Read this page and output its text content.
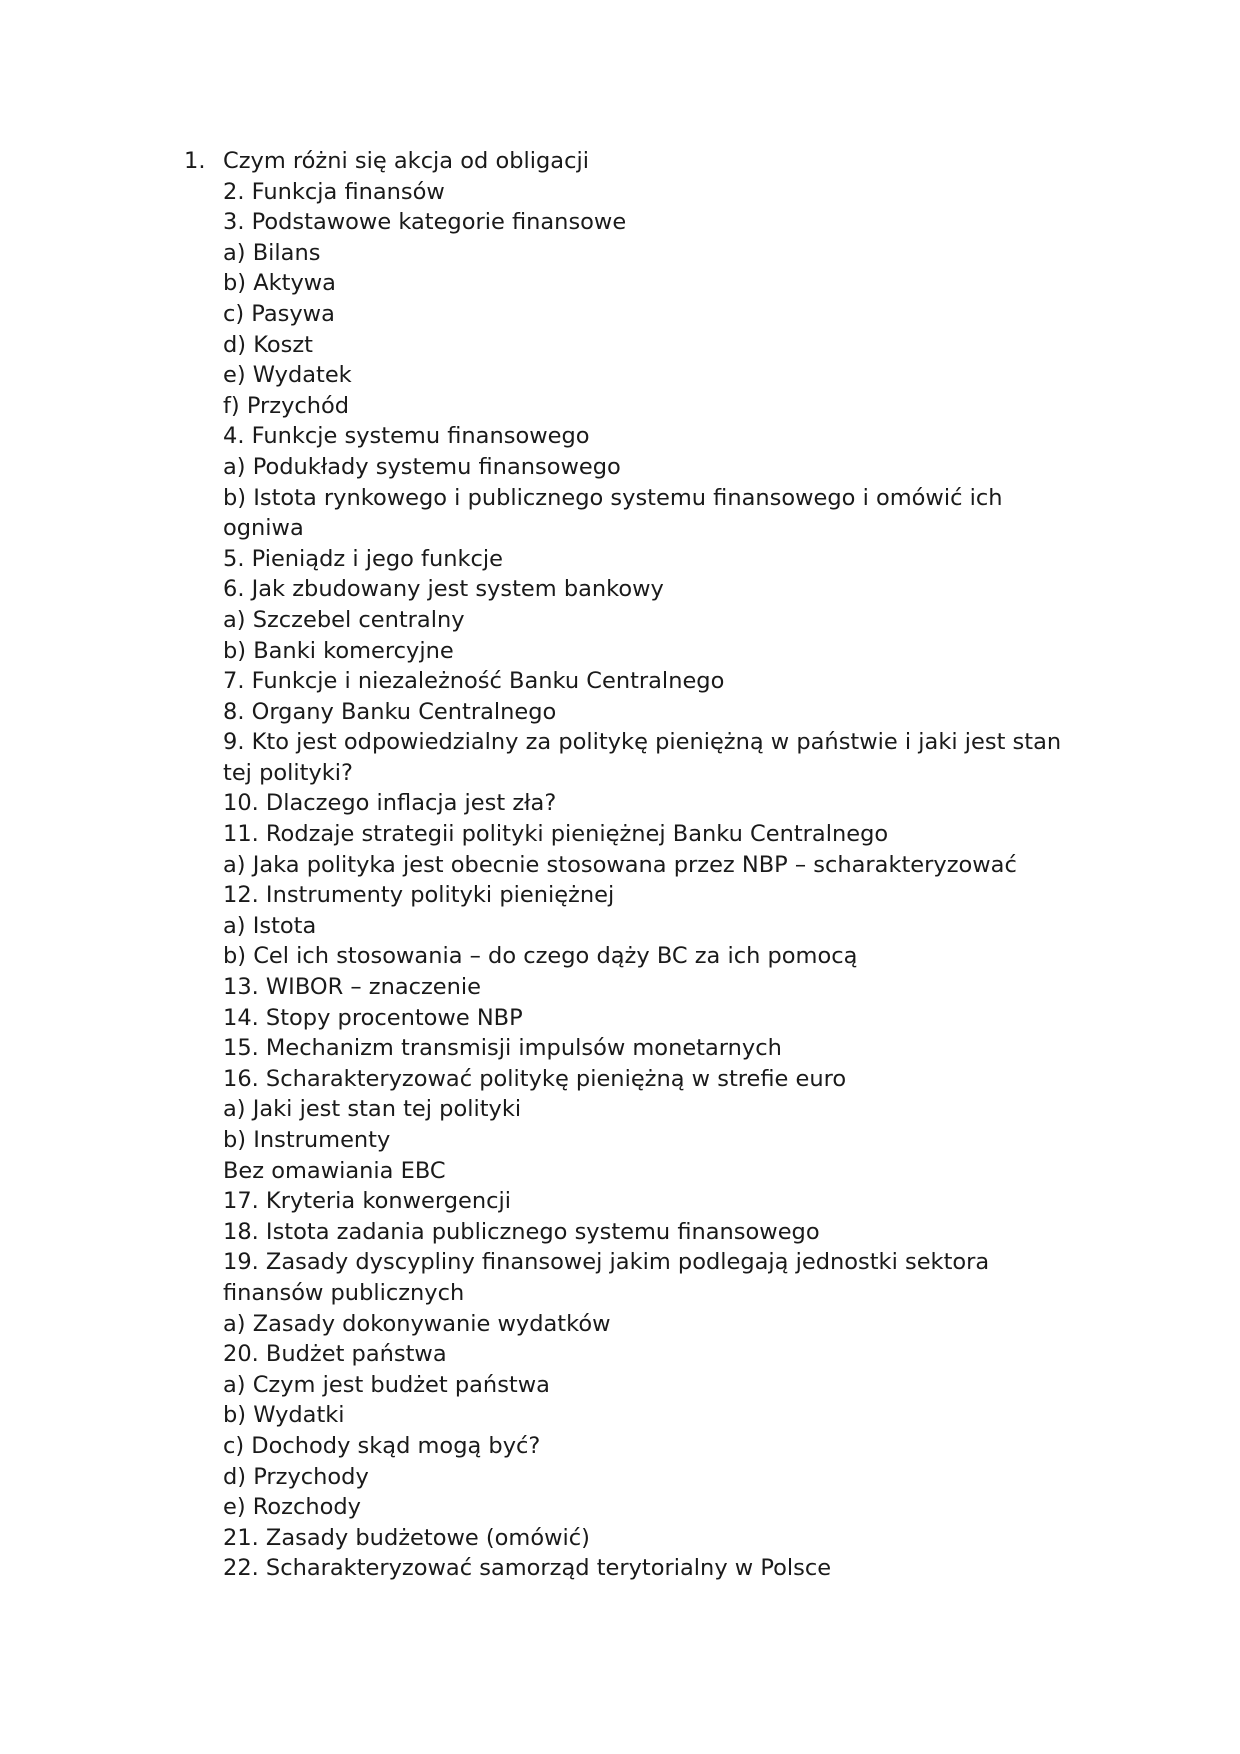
1. Czym różni się akcja od obligacji
2. Funkcja finansów
3. Podstawowe kategorie finansowe
a) Bilans
b) Aktywa
c) Pasywa
d) Koszt
e) Wydatek
f) Przychód
4. Funkcje systemu finansowego
a) Podukłady systemu finansowego
b) Istota rynkowego i publicznego systemu finansowego i omówić ich
ogniwa
5. Pieniądz i jego funkcje
6. Jak zbudowany jest system bankowy
a) Szczebel centralny
b) Banki komercyjne
7. Funkcje i niezależność Banku Centralnego
8. Organy Banku Centralnego
9. Kto jest odpowiedzialny za politykę pieniężną w państwie i jaki jest stan
tej polityki?
10. Dlaczego inflacja jest zła?
11. Rodzaje strategii polityki pieniężnej Banku Centralnego
a) Jaka polityka jest obecnie stosowana przez NBP – scharakteryzować
12. Instrumenty polityki pieniężnej
a) Istota
b) Cel ich stosowania – do czego dąży BC za ich pomocą
13. WIBOR – znaczenie
14. Stopy procentowe NBP
15. Mechanizm transmisji impulsów monetarnych
16. Scharakteryzować politykę pieniężną w strefie euro
a) Jaki jest stan tej polityki
b) Instrumenty
Bez omawiania EBC
17. Kryteria konwergencji
18. Istota zadania publicznego systemu finansowego
19. Zasady dyscypliny finansowej jakim podlegają jednostki sektora
finansów publicznych
a) Zasady dokonywanie wydatków
20. Budżet państwa
a) Czym jest budżet państwa
b) Wydatki
c) Dochody skąd mogą być?
d) Przychody
e) Rozchody
21. Zasady budżetowe (omówić)
22. Scharakteryzować samorząd terytorialny w Polsce
